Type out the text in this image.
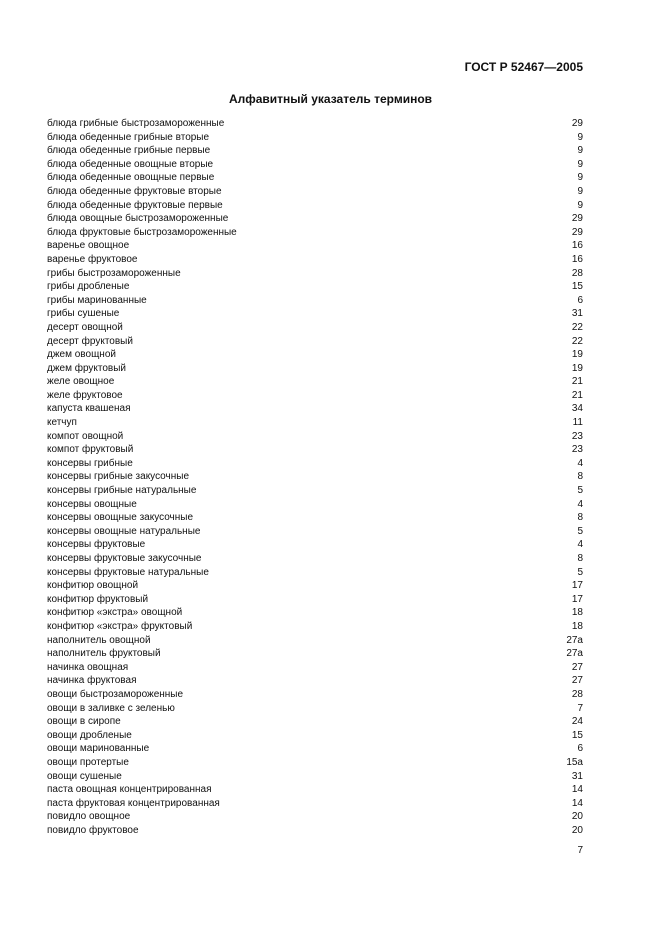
ГОСТ Р 52467—2005
Алфавитный указатель терминов
блюда грибные быстрозамороженные	29
блюда обеденные грибные вторые	9
блюда обеденные грибные первые	9
блюда обеденные овощные вторые	9
блюда обеденные овощные первые	9
блюда обеденные фруктовые вторые	9
блюда обеденные фруктовые первые	9
блюда овощные быстрозамороженные	29
блюда фруктовые быстрозамороженные	29
варенье овощное	16
варенье фруктовое	16
грибы быстрозамороженные	28
грибы дробленые	15
грибы маринованные	6
грибы сушеные	31
десерт овощной	22
десерт фруктовый	22
джем овощной	19
джем фруктовый	19
желе овощное	21
желе фруктовое	21
капуста квашеная	34
кетчуп	11
компот овощной	23
компот фруктовый	23
консервы грибные	4
консервы грибные закусочные	8
консервы грибные натуральные	5
консервы овощные	4
консервы овощные закусочные	8
консервы овощные натуральные	5
консервы фруктовые	4
консервы фруктовые закусочные	8
консервы фруктовые натуральные	5
конфитюр овощной	17
конфитюр фруктовый	17
конфитюр «экстра» овощной	18
конфитюр «экстра» фруктовый	18
наполнитель овощной	27а
наполнитель фруктовый	27а
начинка овощная	27
начинка фруктовая	27
овощи быстрозамороженные	28
овощи в заливке с зеленью	7
овощи в сиропе	24
овощи дробленые	15
овощи маринованные	6
овощи протертые	15а
овощи сушеные	31
паста овощная концентрированная	14
паста фруктовая концентрированная	14
повидло овощное	20
повидло фруктовое	20
7
